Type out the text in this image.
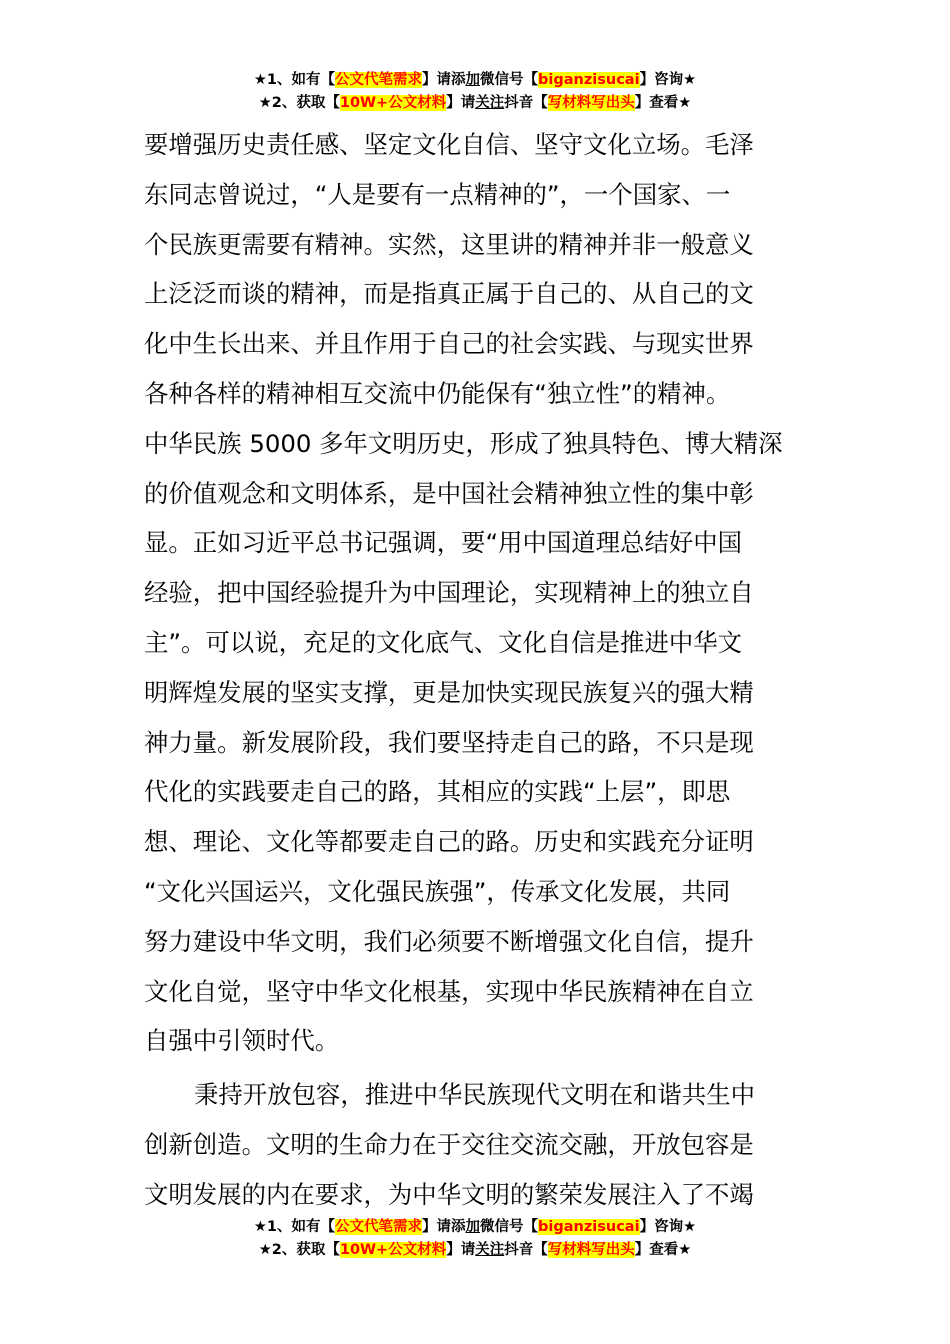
★1、如有【公文代笔需求】请添加微信号【biganzisucai】咨询★
★2、获取【10W+公文材料】请关注抖音【写材料写出头】查看★
要增强历史责任感、坚定文化自信、坚守文化立场。毛泽
东同志曾说过，“人是要有一点精神的”，一个国家、一
个民族更需要有精神。实然，这里讲的精神并非一般意义
上泛泛而谈的精神，而是指真正属于自己的、从自己的文
化中生长出来、并且作用于自己的社会实践、与现实世界
各种各样的精神相互交流中仍能保有“独立性”的精神。
中华民族 5000 多年文明历史，形成了独具特色、博大精深
的价值观念和文明体系，是中国社会精神独立性的集中彰
显。正如习近平总书记强调，要“用中国道理总结好中国
经验，把中国经验提升为中国理论，实现精神上的独立自
主”。可以说，充足的文化底气、文化自信是推进中华文
明辉煌发展的坚实支撑，更是加快实现民族复兴的强大精
神力量。新发展阶段，我们要坚持走自己的路，不只是现
代化的实践要走自己的路，其相应的实践“上层”，即思
想、理论、文化等都要走自己的路。历史和实践充分证明
“文化兴国运兴，文化强民族强”，传承文化发展，共同
努力建设中华文明，我们必须要不断增强文化自信，提升
文化自觉，坚守中华文化根基，实现中华民族精神在自立
自强中引领时代。
秉持开放包容，推进中华民族现代文明在和谐共生中
创新创造。文明的生命力在于交往交流交融，开放包容是
文明发展的内在要求，为中华文明的繁荣发展注入了不竭
★1、如有【公文代笔需求】请添加微信号【biganzisucai】咨询★
★2、获取【10W+公文材料】请关注抖音【写材料写出头】查看★
